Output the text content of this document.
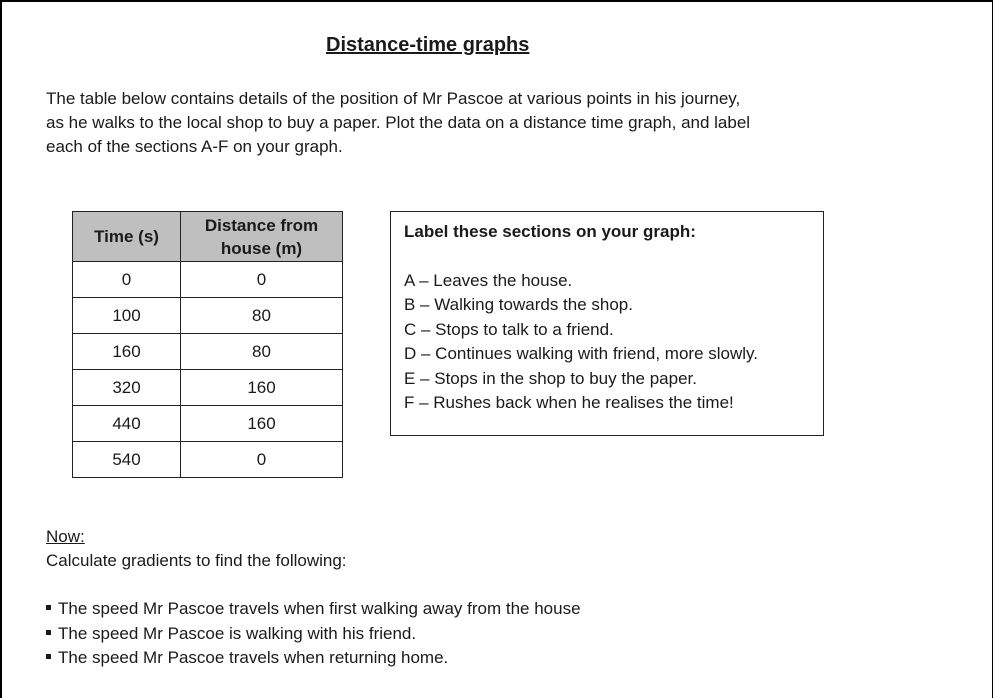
Distance-time graphs
The table below contains details of the position of Mr Pascoe at various points in his journey,
as he walks to the local shop to buy a paper. Plot the data on a distance time graph, and label
each of the sections A-F on your graph.
Time (s)	Distance from house (m)

0	0
100	80
160	80
320	160
440	160
540	0
Label these sections on your graph:
A – Leaves the house.
B – Walking towards the shop.
C – Stops to talk to a friend.
D – Continues walking with friend, more slowly.
E – Stops in the shop to buy the paper.
F – Rushes back when he realises the time!
Now:
Calculate gradients to find the following:
The speed Mr Pascoe travels when first walking away from the house
The speed Mr Pascoe is walking with his friend.
The speed Mr Pascoe travels when returning home.
